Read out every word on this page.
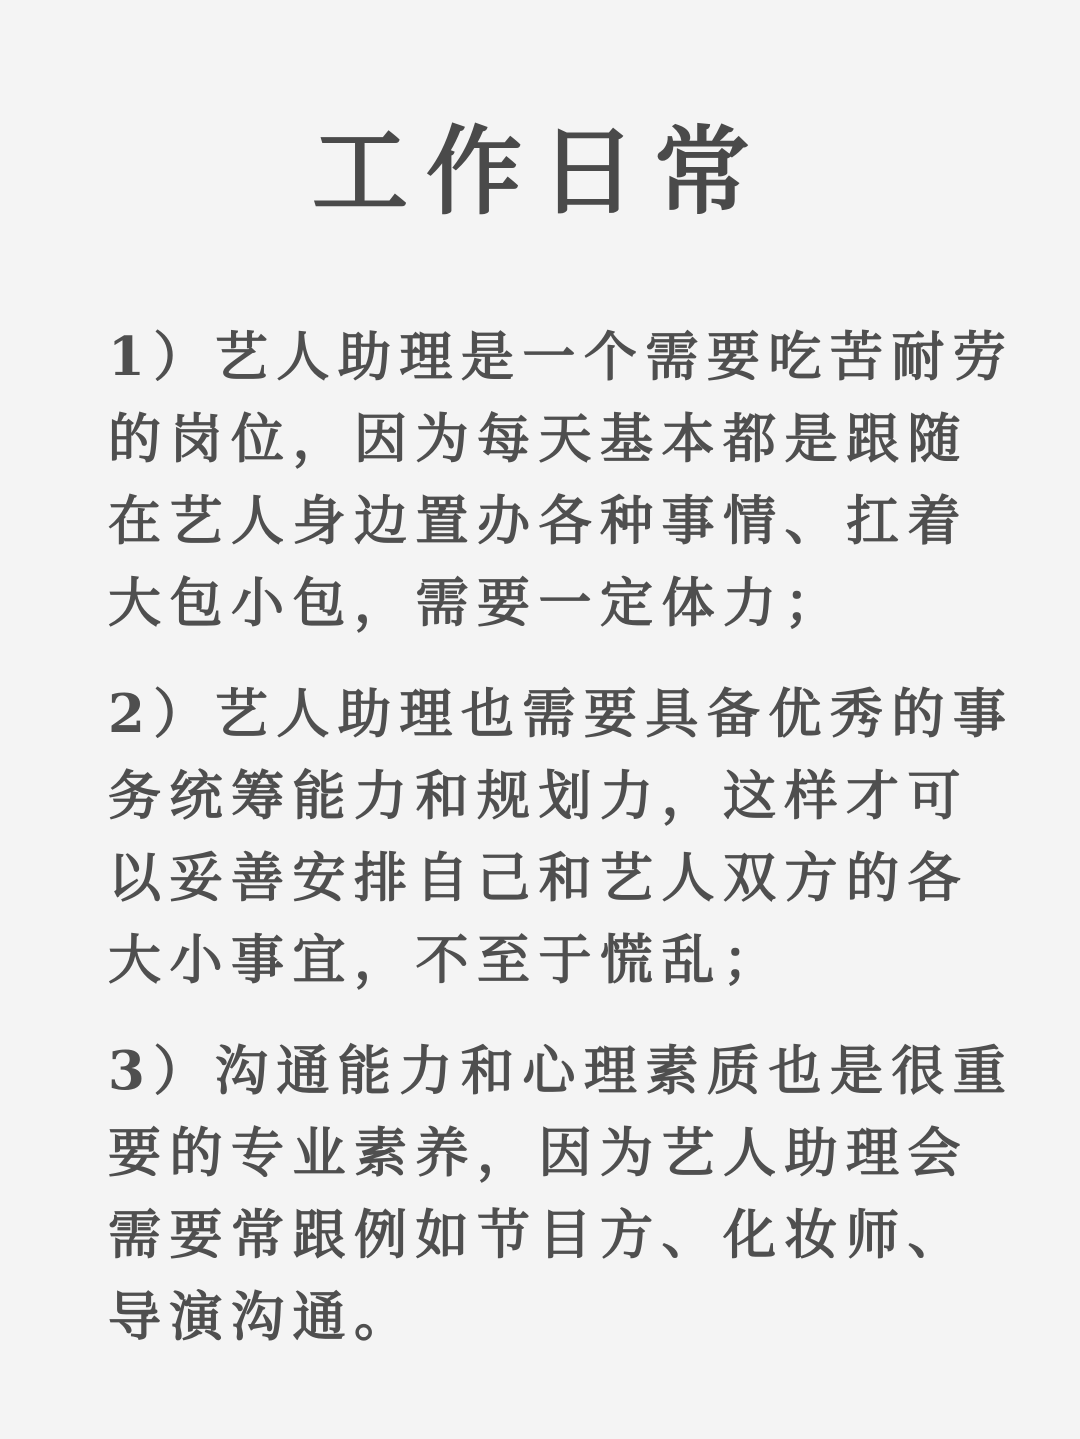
工作日常

1）艺人助理是一个需要吃苦耐劳
的岗位，因为每天基本都是跟随
在艺人身边置办各种事情、扛着
大包小包，需要一定体力；

2）艺人助理也需要具备优秀的事
务统筹能力和规划力，这样才可
以妥善安排自己和艺人双方的各
大小事宜，不至于慌乱；

3）沟通能力和心理素质也是很重
要的专业素养，因为艺人助理会
需要常跟例如节目方、化妆师、
导演沟通。
